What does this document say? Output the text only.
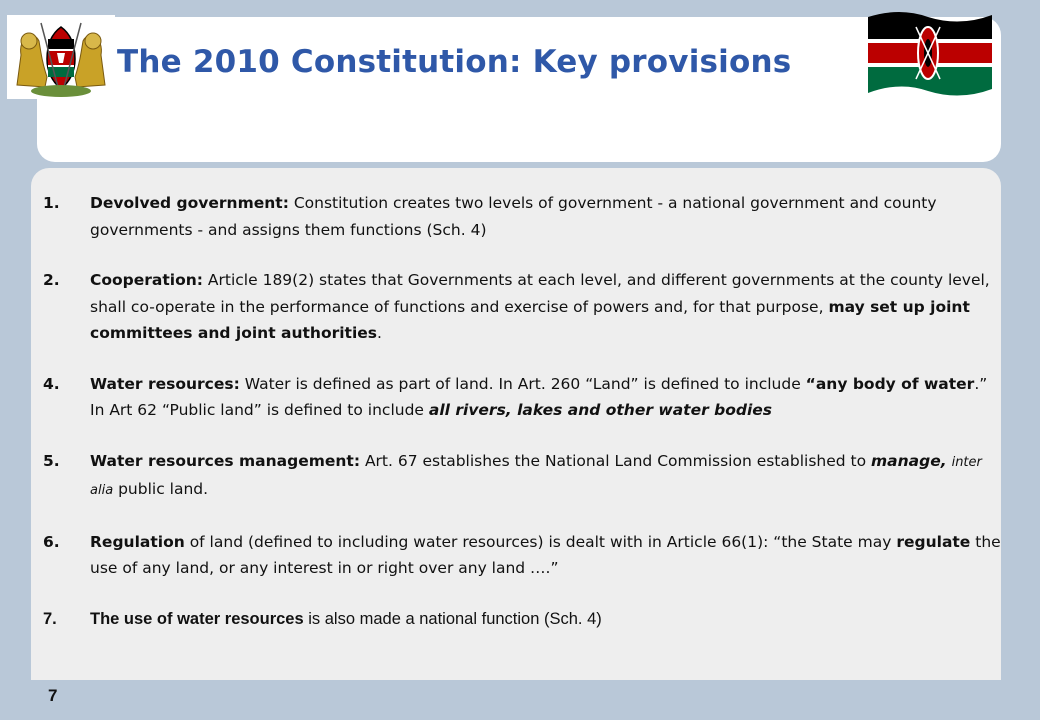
The 2010 Constitution: Key provisions
1. Devolved government: Constitution creates two levels of government - a national government and county governments - and assigns them functions (Sch. 4)
2. Cooperation: Article 189(2) states that Governments at each level, and different governments at the county level, shall co-operate in the performance of functions and exercise of powers and, for that purpose, may set up joint committees and joint authorities.
4. Water resources: Water is defined as part of land. In Art. 260 “Land” is defined to include “any body of water.” In Art 62 “Public land” is defined to include all rivers, lakes and other water bodies
5. Water resources management: Art. 67 establishes the National Land Commission established to manage, inter alia public land.
6. Regulation of land (defined to including water resources) is dealt with in Article 66(1): “the State may regulate the use of any land, or any interest in or right over any land ….”
7. The use of water resources is also made a national function (Sch. 4)
7
